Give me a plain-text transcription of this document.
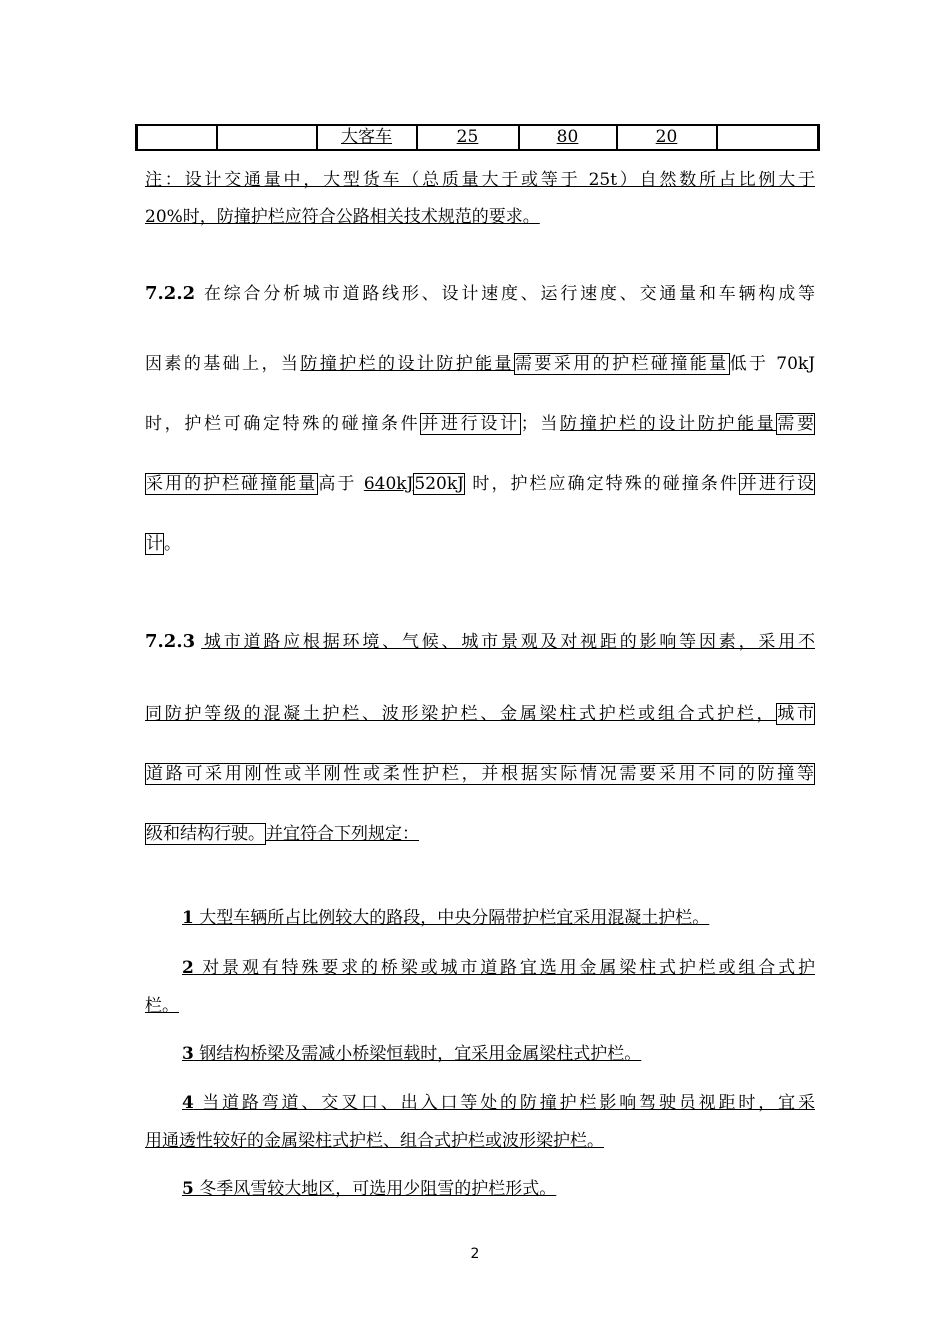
		大客车	25	80	20	
注：设计交通量中，大型货车（总质量大于或等于 25t）自然数所占比例大于
20%时，防撞护栏应符合公路相关技术规范的要求。
7.2.2 在综合分析城市道路线形、设计速度、运行速度、交通量和车辆构成等
因素的基础上，当防撞护栏的设计防护能量需要采用的护栏碰撞能量低于 70kJ
时，护栏可确定特殊的碰撞条件并进行设计；当防撞护栏的设计防护能量需要
采用的护栏碰撞能量高于 640kJ520kJ 时，护栏应确定特殊的碰撞条件并进行设
计。
7.2.3 城市道路应根据环境、气候、城市景观及对视距的影响等因素，采用不
同防护等级的混凝土护栏、波形梁护栏、金属梁柱式护栏或组合式护栏，城市
道路可采用刚性或半刚性或柔性护栏，并根据实际情况需要采用不同的防撞等
级和结构行驶。并宜符合下列规定：
1 大型车辆所占比例较大的路段，中央分隔带护栏宜采用混凝土护栏。
2 对景观有特殊要求的桥梁或城市道路宜选用金属梁柱式护栏或组合式护
栏。
3 钢结构桥梁及需减小桥梁恒载时，宜采用金属梁柱式护栏。
4 当道路弯道、交叉口、出入口等处的防撞护栏影响驾驶员视距时，宜采
用通透性较好的金属梁柱式护栏、组合式护栏或波形梁护栏。
5 冬季风雪较大地区，可选用少阻雪的护栏形式。
2
